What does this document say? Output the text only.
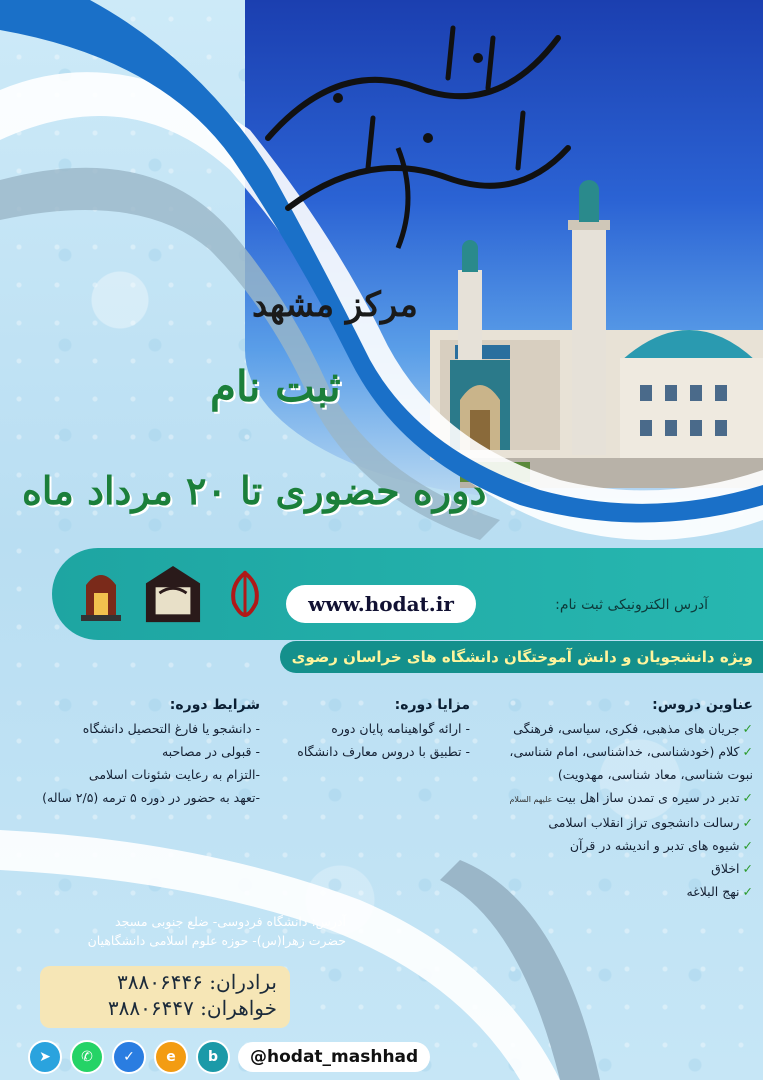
مرکز مشهد
ثبت نام
دوره حضوری تا ۲۰ مرداد ماه
www.hodat.ir	آدرس الکترونیکی ثبت نام:
ویژه دانشجویان و دانش آموختگان دانشگاه های خراسان رضوی
عناوین دروس:
✓جریان های مذهبی، فکری، سیاسی، فرهنگی
✓کلام (خودشناسی، خداشناسی، امام شناسی،
نبوت شناسی، معاد شناسی، مهدویت)
✓تدبر در سیره ی تمدن ساز اهل بیت علیهم السلام
✓رسالت دانشجوی تراز انقلاب اسلامی
✓شیوه های تدبر و اندیشه در قرآن
✓اخلاق
✓نهج البلاغه
مزایا دوره:
- ارائه گواهینامه پایان دوره
- تطبیق با دروس معارف دانشگاه
شرایط دوره:
- دانشجو یا فارغ التحصیل دانشگاه
- قبولی در مصاحبه
-التزام به رعایت شئونات اسلامی
-تعهد به حضور در دوره ۵ ترمه (۲/۵ ساله)
آدرس: دانشگاه فردوسی- ضلع جنوبی مسجد
حضرت زهرا(س)- حوزه علوم اسلامی دانشگاهیان
برادران: ۳۸۸۰۶۴۴۶
خواهران: ۳۸۸۰۶۴۴۷
➤	✆	✓	e	b	@hodat_mashhad
